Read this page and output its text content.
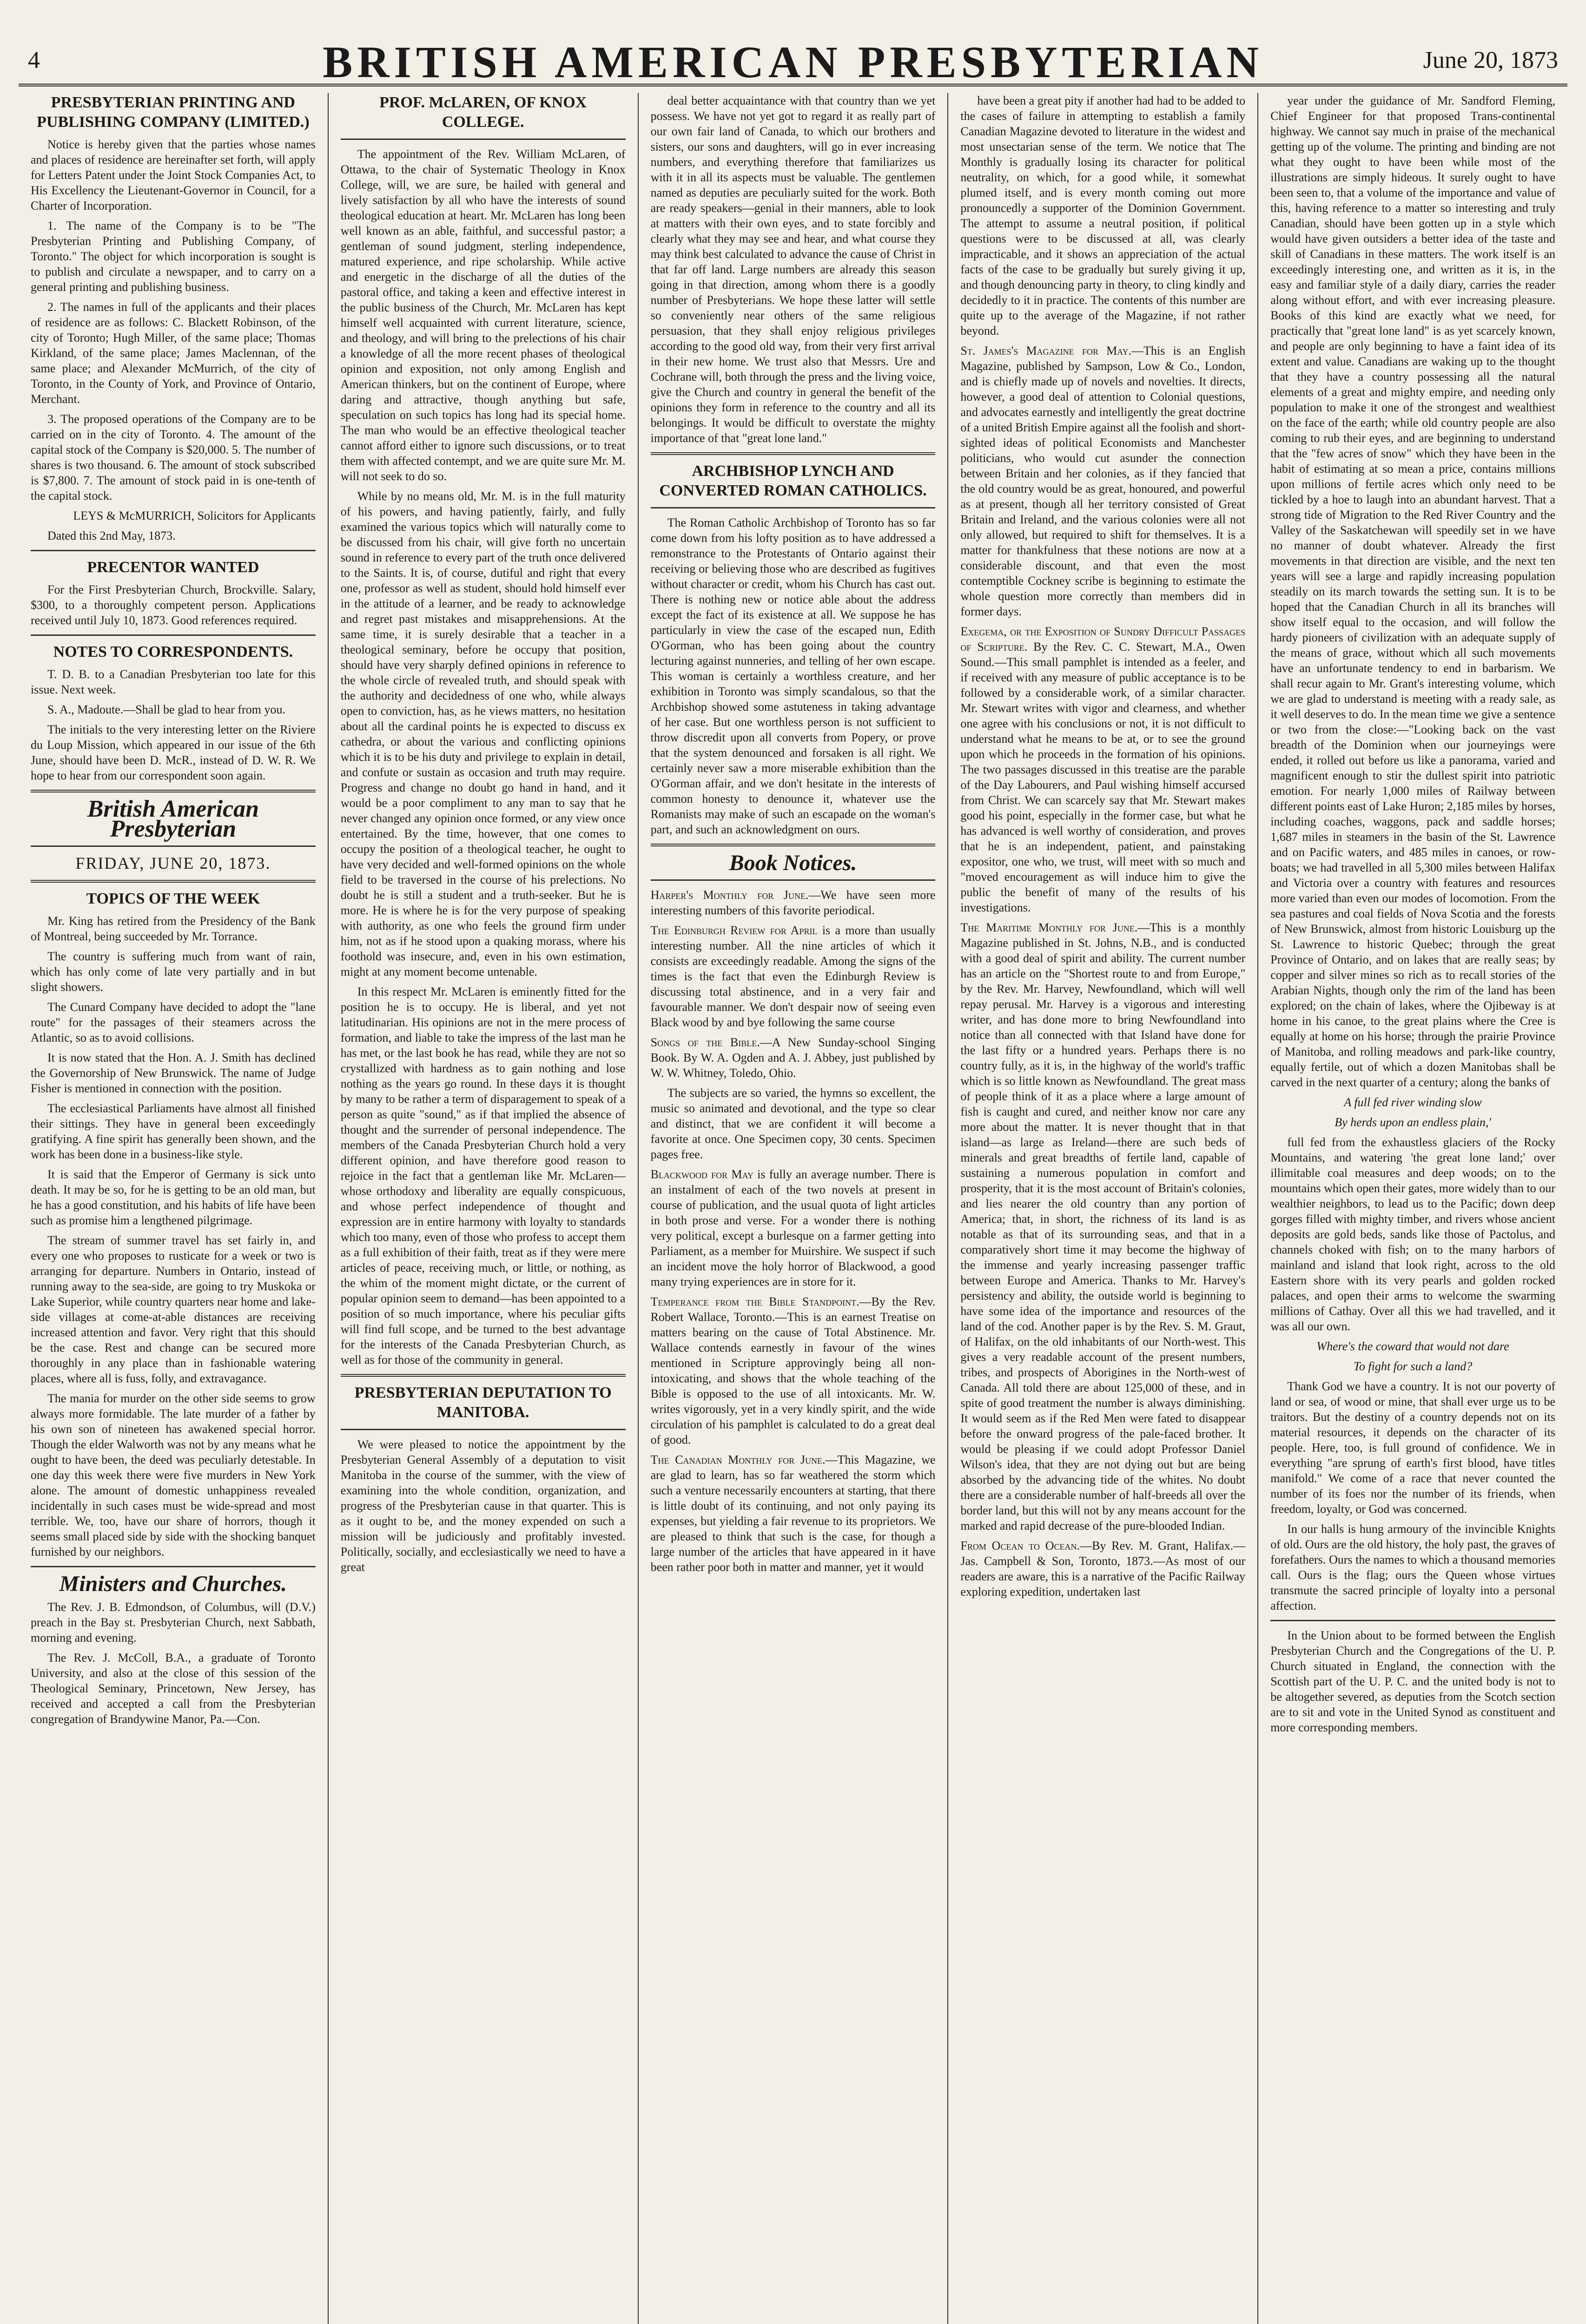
4	BRITISH AMERICAN PRESBYTERIAN	June 20, 1873

PRESBYTERIAN PRINTING AND PUBLISHING COMPANY (LIMITED.)

Notice is hereby given that the parties whose names and places of residence are hereinafter set forth, will apply for Letters Patent under the Joint Stock Companies Act, to His Excellency the Lieutenant-Governor in Council, for a Charter of Incorporation.

1. The name of the Company is to be "The Presbyterian Printing and Publishing Company, of Toronto." The object for which incorporation is sought is to publish and circulate a newspaper, and to carry on a general printing and publishing business.

2. The names in full of the applicants and their places of residence are as follows: C. Blackett Robinson, of the city of Toronto; Hugh Miller, of the same place; Thomas Kirkland, of the same place; James Maclennan, of the same place; and Alexander McMurrich, of the city of Toronto, in the County of York, and Province of Ontario, Merchant.

3. The proposed operations of the Company are to be carried on in the city of Toronto. 4. The amount of the capital stock of the Company is $20,000. 5. The number of shares is two thousand. 6. The amount of stock subscribed is $7,800. 7. The amount of stock paid in is one-tenth of the capital stock.

LEYS & McMURRICH, Solicitors for Applicants

Dated this 2nd May, 1873.

PRECENTOR WANTED

For the First Presbyterian Church, Brockville. Salary, $300, to a thoroughly competent person. Applications received until July 10, 1873. Good references required.

NOTES TO CORRESPONDENTS.

T. D. B. to a Canadian Presbyterian too late for this issue. Next week.

S. A., Madoute.—Shall be glad to hear from you.

The initials to the very interesting letter on the Riviere du Loup Mission, which appeared in our issue of the 6th June, should have been D. McR., instead of D. W. R. We hope to hear from our correspondent soon again.

British American Presbyterian
FRIDAY, JUNE 20, 1873.

TOPICS OF THE WEEK

Mr. King has retired from the Presidency of the Bank of Montreal, being succeeded by Mr. Torrance.

The country is suffering much from want of rain, which has only come of late very partially and in but slight showers.

The Cunard Company have decided to adopt the "lane route" for the passages of their steamers across the Atlantic, so as to avoid collisions.

It is now stated that the Hon. A. J. Smith has declined the Governorship of New Brunswick. The name of Judge Fisher is mentioned in connection with the position.

The ecclesiastical Parliaments have almost all finished their sittings. They have in general been exceedingly gratifying. A fine spirit has generally been shown, and the work has been done in a business-like style.

It is said that the Emperor of Germany is sick unto death. It may be so, for he is getting to be an old man, but he has a good constitution, and his habits of life have been such as promise him a lengthened pilgrimage.

The stream of summer travel has set fairly in, and every one who proposes to rusticate for a week or two is arranging for departure. Numbers in Ontario, instead of running away to the sea-side, are going to try Muskoka or Lake Superior, while country quarters near home and lake-side villages at come-at-able distances are receiving increased attention and favor. Very right that this should be the case. Rest and change can be secured more thoroughly in any place than in fashionable watering places, where all is fuss, folly, and extravagance.

The mania for murder on the other side seems to grow always more formidable. The late murder of a father by his own son of nineteen has awakened special horror. Though the elder Walworth was not by any means what he ought to have been, the deed was peculiarly detestable. In one day this week there were five murders in New York alone. The amount of domestic unhappiness revealed incidentally in such cases must be wide-spread and most terrible. We, too, have our share of horrors, though it seems small placed side by side with the shocking banquet furnished by our neighbors.

Ministers and Churches.

The Rev. J. B. Edmondson, of Columbus, will (D.V.) preach in the Bay st. Presbyterian Church, next Sabbath, morning and evening.

The Rev. J. McColl, B.A., a graduate of Toronto University, and also at the close of this session of the Theological Seminary, Princetown, New Jersey, has received and accepted a call from the Presbyterian congregation of Brandywine Manor, Pa.—Con.

PROF. McLAREN, OF KNOX COLLEGE.

The appointment of the Rev. William McLaren, of Ottawa, to the chair of Systematic Theology in Knox College, will, we are sure, be hailed with general and lively satisfaction by all who have the interests of sound theological education at heart. Mr. McLaren has long been well known as an able, faithful, and successful pastor; a gentleman of sound judgment, sterling independence, matured experience, and ripe scholarship. While active and energetic in the discharge of all the duties of the pastoral office, and taking a keen and effective interest in the public business of the Church, Mr. McLaren has kept himself well acquainted with current literature, science, and theology, and will bring to the prelections of his chair a knowledge of all the more recent phases of theological opinion and exposition, not only among English and American thinkers, but on the continent of Europe, where daring and attractive, though anything but safe, speculation on such topics has long had its special home. The man who would be an effective theological teacher cannot afford either to ignore such discussions, or to treat them with affected contempt, and we are quite sure Mr. M. will not seek to do so.

While by no means old, Mr. M. is in the full maturity of his powers, and having patiently, fairly, and fully examined the various topics which will naturally come to be discussed from his chair, will give forth no uncertain sound in reference to every part of the truth once delivered to the Saints. It is, of course, dutiful and right that every one, professor as well as student, should hold himself ever in the attitude of a learner, and be ready to acknowledge and regret past mistakes and misapprehensions. At the same time, it is surely desirable that a teacher in a theological seminary, before he occupy that position, should have very sharply defined opinions in reference to the whole circle of revealed truth, and should speak with the authority and decidedness of one who, while always open to conviction, has, as he views matters, no hesitation about all the cardinal points he is expected to discuss ex cathedra, or about the various and conflicting opinions which it is to be his duty and privilege to explain in detail, and confute or sustain as occasion and truth may require. Progress and change no doubt go hand in hand, and it would be a poor compliment to any man to say that he never changed any opinion once formed, or any view once entertained. By the time, however, that one comes to occupy the position of a theological teacher, he ought to have very decided and well-formed opinions on the whole field to be traversed in the course of his prelections. No doubt he is still a student and a truth-seeker. But he is more. He is where he is for the very purpose of speaking with authority, as one who feels the ground firm under him, not as if he stood upon a quaking morass, where his foothold was insecure, and, even in his own estimation, might at any moment become untenable.

In this respect Mr. McLaren is eminently fitted for the position he is to occupy. He is liberal, and yet not latitudinarian. His opinions are not in the mere process of formation, and liable to take the impress of the last man he has met, or the last book he has read, while they are not so crystallized with hardness as to gain nothing and lose nothing as the years go round. In these days it is thought by many to be rather a term of disparagement to speak of a person as quite "sound," as if that implied the absence of thought and the surrender of personal independence. The members of the Canada Presbyterian Church hold a very different opinion, and have therefore good reason to rejoice in the fact that a gentleman like Mr. McLaren—whose orthodoxy and liberality are equally conspicuous, and whose perfect independence of thought and expression are in entire harmony with loyalty to standards which too many, even of those who profess to accept them as a full exhibition of their faith, treat as if they were mere articles of peace, receiving much, or little, or nothing, as the whim of the moment might dictate, or the current of popular opinion seem to demand—has been appointed to a position of so much importance, where his peculiar gifts will find full scope, and be turned to the best advantage for the interests of the Canada Presbyterian Church, as well as for those of the community in general.

PRESBYTERIAN DEPUTATION TO MANITOBA.

We were pleased to notice the appointment by the Presbyterian General Assembly of a deputation to visit Manitoba in the course of the summer, with the view of examining into the whole condition, organization, and progress of the Presbyterian cause in that quarter. This is as it ought to be, and the money expended on such a mission will be judiciously and profitably invested. Politically, socially, and ecclesiastically we need to have a great

deal better acquaintance with that country than we yet possess. We have not yet got to regard it as really part of our own fair land of Canada, to which our brothers and sisters, our sons and daughters, will go in ever increasing numbers, and everything therefore that familiarizes us with it in all its aspects must be valuable. The gentlemen named as deputies are peculiarly suited for the work. Both are ready speakers—genial in their manners, able to look at matters with their own eyes, and to state forcibly and clearly what they may see and hear, and what course they may think best calculated to advance the cause of Christ in that far off land. Large numbers are already this season going in that direction, among whom there is a goodly number of Presbyterians. We hope these latter will settle so conveniently near others of the same religious persuasion, that they shall enjoy religious privileges according to the good old way, from their very first arrival in their new home. We trust also that Messrs. Ure and Cochrane will, both through the press and the living voice, give the Church and country in general the benefit of the opinions they form in reference to the country and all its belongings. It would be difficult to overstate the mighty importance of that "great lone land."

ARCHBISHOP LYNCH AND CONVERTED ROMAN CATHOLICS.

The Roman Catholic Archbishop of Toronto has so far come down from his lofty position as to have addressed a remonstrance to the Protestants of Ontario against their receiving or believing those who are described as fugitives without character or credit, whom his Church has cast out. There is nothing new or notice able about the address except the fact of its existence at all. We suppose he has particularly in view the case of the escaped nun, Edith O'Gorman, who has been going about the country lecturing against nunneries, and telling of her own escape. This woman is certainly a worthless creature, and her exhibition in Toronto was simply scandalous, so that the Archbishop showed some astuteness in taking advantage of her case. But one worthless person is not sufficient to throw discredit upon all converts from Popery, or prove that the system denounced and forsaken is all right. We certainly never saw a more miserable exhibition than the O'Gorman affair, and we don't hesitate in the interests of common honesty to denounce it, whatever use the Romanists may make of such an escapade on the woman's part, and such an acknowledgment on ours.

Book Notices.

Harper's Monthly for June.—We have seen more interesting numbers of this favorite periodical.

The Edinburgh Review for April is a more than usually interesting number. All the nine articles of which it consists are exceedingly readable. Among the signs of the times is the fact that even the Edinburgh Review is discussing total abstinence, and in a very fair and favourable manner. We don't despair now of seeing even Black wood by and bye following the same course

Songs of the Bible.—A New Sunday-school Singing Book. By W. A. Ogden and A. J. Abbey, just published by W. W. Whitney, Toledo, Ohio.

The subjects are so varied, the hymns so excellent, the music so animated and devotional, and the type so clear and distinct, that we are confident it will become a favorite at once. One Specimen copy, 30 cents. Specimen pages free.

Blackwood for May is fully an average number. There is an instalment of each of the two novels at present in course of publication, and the usual quota of light articles in both prose and verse. For a wonder there is nothing very political, except a burlesque on a farmer getting into Parliament, as a member for Muirshire. We suspect if such an incident move the holy horror of Blackwood, a good many trying experiences are in store for it.

Temperance from the Bible Standpoint.—By the Rev. Robert Wallace, Toronto.—This is an earnest Treatise on matters bearing on the cause of Total Abstinence. Mr. Wallace contends earnestly in favour of the wines mentioned in Scripture approvingly being all non-intoxicating, and shows that the whole teaching of the Bible is opposed to the use of all intoxicants. Mr. W. writes vigorously, yet in a very kindly spirit, and the wide circulation of his pamphlet is calculated to do a great deal of good.

The Canadian Monthly for June.—This Magazine, we are glad to learn, has so far weathered the storm which such a venture necessarily encounters at starting, that there is little doubt of its continuing, and not only paying its expenses, but yielding a fair revenue to its proprietors. We are pleased to think that such is the case, for though a large number of the articles that have appeared in it have been rather poor both in matter and manner, yet it would

have been a great pity if another had had to be added to the cases of failure in attempting to establish a family Canadian Magazine devoted to literature in the widest and most unsectarian sense of the term. We notice that The Monthly is gradually losing its character for political neutrality, on which, for a good while, it somewhat plumed itself, and is every month coming out more pronouncedly a supporter of the Dominion Government. The attempt to assume a neutral position, if political questions were to be discussed at all, was clearly impracticable, and it shows an appreciation of the actual facts of the case to be gradually but surely giving it up, and though denouncing party in theory, to cling kindly and decidedly to it in practice. The contents of this number are quite up to the average of the Magazine, if not rather beyond.

St. James's Magazine for May.—This is an English Magazine, published by Sampson, Low & Co., London, and is chiefly made up of novels and novelties. It directs, however, a good deal of attention to Colonial questions, and advocates earnestly and intelligently the great doctrine of a united British Empire against all the foolish and short-sighted ideas of political Economists and Manchester politicians, who would cut asunder the connection between Britain and her colonies, as if they fancied that the old country would be as great, honoured, and powerful as at present, though all her territory consisted of Great Britain and Ireland, and the various colonies were all not only allowed, but required to shift for themselves. It is a matter for thankfulness that these notions are now at a considerable discount, and that even the most contemptible Cockney scribe is beginning to estimate the whole question more correctly than members did in former days.

Exegema, or the Exposition of Sundry Difficult Passages of Scripture. By the Rev. C. C. Stewart, M.A., Owen Sound.—This small pamphlet is intended as a feeler, and if received with any measure of public acceptance is to be followed by a considerable work, of a similar character. Mr. Stewart writes with vigor and clearness, and whether one agree with his conclusions or not, it is not difficult to understand what he means to be at, or to see the ground upon which he proceeds in the formation of his opinions. The two passages discussed in this treatise are the parable of the Day Labourers, and Paul wishing himself accursed from Christ. We can scarcely say that Mr. Stewart makes good his point, especially in the former case, but what he has advanced is well worthy of consideration, and proves that he is an independent, patient, and painstaking expositor, one who, we trust, will meet with so much and "moved encouragement as will induce him to give the public the benefit of many of the results of his investigations.

The Maritime Monthly for June.—This is a monthly Magazine published in St. Johns, N.B., and is conducted with a good deal of spirit and ability. The current number has an article on the "Shortest route to and from Europe," by the Rev. Mr. Harvey, Newfoundland, which will well repay perusal. Mr. Harvey is a vigorous and interesting writer, and has done more to bring Newfoundland into notice than all connected with that Island have done for the last fifty or a hundred years. Perhaps there is no country fully, as it is, in the highway of the world's traffic which is so little known as Newfoundland. The great mass of people think of it as a place where a large amount of fish is caught and cured, and neither know nor care any more about the matter. It is never thought that in that island—as large as Ireland—there are such beds of minerals and great breadths of fertile land, capable of sustaining a numerous population in comfort and prosperity, that it is the most account of Britain's colonies, and lies nearer the old country than any portion of America; that, in short, the richness of its land is as notable as that of its surrounding seas, and that in a comparatively short time it may become the highway of the immense and yearly increasing passenger traffic between Europe and America. Thanks to Mr. Harvey's persistency and ability, the outside world is beginning to have some idea of the importance and resources of the land of the cod. Another paper is by the Rev. S. M. Graut, of Halifax, on the old inhabitants of our North-west. This gives a very readable account of the present numbers, tribes, and prospects of Aborigines in the North-west of Canada. All told there are about 125,000 of these, and in spite of good treatment the number is always diminishing. It would seem as if the Red Men were fated to disappear before the onward progress of the pale-faced brother. It would be pleasing if we could adopt Professor Daniel Wilson's idea, that they are not dying out but are being absorbed by the advancing tide of the whites. No doubt there are a considerable number of half-breeds all over the border land, but this will not by any means account for the marked and rapid decrease of the pure-blooded Indian.

From Ocean to Ocean.—By Rev. M. Grant, Halifax.—Jas. Campbell & Son, Toronto, 1873.—As most of our readers are aware, this is a narrative of the Pacific Railway exploring expedition, undertaken last

year under the guidance of Mr. Sandford Fleming, Chief Engineer for that proposed Trans-continental highway. We cannot say much in praise of the mechanical getting up of the volume. The printing and binding are not what they ought to have been while most of the illustrations are simply hideous. It surely ought to have been seen to, that a volume of the importance and value of this, having reference to a matter so interesting and truly Canadian, should have been gotten up in a style which would have given outsiders a better idea of the taste and skill of Canadians in these matters. The work itself is an exceedingly interesting one, and written as it is, in the easy and familiar style of a daily diary, carries the reader along without effort, and with ever increasing pleasure. Books of this kind are exactly what we need, for practically that "great lone land" is as yet scarcely known, and people are only beginning to have a faint idea of its extent and value. Canadians are waking up to the thought that they have a country possessing all the natural elements of a great and mighty empire, and needing only population to make it one of the strongest and wealthiest on the face of the earth; while old country people are also coming to rub their eyes, and are beginning to understand that the "few acres of snow" which they have been in the habit of estimating at so mean a price, contains millions upon millions of fertile acres which only need to be tickled by a hoe to laugh into an abundant harvest. That a strong tide of Migration to the Red River Country and the Valley of the Saskatchewan will speedily set in we have no manner of doubt whatever. Already the first movements in that direction are visible, and the next ten years will see a large and rapidly increasing population steadily on its march towards the setting sun. It is to be hoped that the Canadian Church in all its branches will show itself equal to the occasion, and will follow the hardy pioneers of civilization with an adequate supply of the means of grace, without which all such movements have an unfortunate tendency to end in barbarism. We shall recur again to Mr. Grant's interesting volume, which we are glad to understand is meeting with a ready sale, as it well deserves to do. In the mean time we give a sentence or two from the close:—"Looking back on the vast breadth of the Dominion when our journeyings were ended, it rolled out before us like a panorama, varied and magnificent enough to stir the dullest spirit into patriotic emotion. For nearly 1,000 miles of Railway between different points east of Lake Huron; 2,185 miles by horses, including coaches, waggons, pack and saddle horses; 1,687 miles in steamers in the basin of the St. Lawrence and on Pacific waters, and 485 miles in canoes, or row-boats; we had travelled in all 5,300 miles between Halifax and Victoria over a country with features and resources more varied than even our modes of locomotion. From the sea pastures and coal fields of Nova Scotia and the forests of New Brunswick, almost from historic Louisburg up the St. Lawrence to historic Quebec; through the great Province of Ontario, and on lakes that are really seas; by copper and silver mines so rich as to recall stories of the Arabian Nights, though only the rim of the land has been explored; on the chain of lakes, where the Ojibeway is at home in his canoe, to the great plains where the Cree is equally at home on his horse; through the prairie Province of Manitoba, and rolling meadows and park-like country, equally fertile, out of which a dozen Manitobas shall be carved in the next quarter of a century; along the banks of

A full fed river winding slow

By herds upon an endless plain,'

full fed from the exhaustless glaciers of the Rocky Mountains, and watering 'the great lone land;' over illimitable coal measures and deep woods; on to the mountains which open their gates, more widely than to our wealthier neighbors, to lead us to the Pacific; down deep gorges filled with mighty timber, and rivers whose ancient deposits are gold beds, sands like those of Pactolus, and channels choked with fish; on to the many harbors of mainland and island that look right, across to the old Eastern shore with its very pearls and golden rocked palaces, and open their arms to welcome the swarming millions of Cathay. Over all this we had travelled, and it was all our own.

Where's the coward that would not dare

To fight for such a land?

Thank God we have a country. It is not our poverty of land or sea, of wood or mine, that shall ever urge us to be traitors. But the destiny of a country depends not on its material resources, it depends on the character of its people. Here, too, is full ground of confidence. We in everything "are sprung of earth's first blood, have titles manifold." We come of a race that never counted the number of its foes nor the number of its friends, when freedom, loyalty, or God was concerned.

In our halls is hung armoury of the invincible Knights of old. Ours are the old history, the holy past, the graves of forefathers. Ours the names to which a thousand memories call. Ours is the flag; ours the Queen whose virtues transmute the sacred principle of loyalty into a personal affection.

In the Union about to be formed between the English Presbyterian Church and the Congregations of the U. P. Church situated in England, the connection with the Scottish part of the U. P. C. and the united body is not to be altogether severed, as deputies from the Scotch section are to sit and vote in the United Synod as constituent and more corresponding members.
